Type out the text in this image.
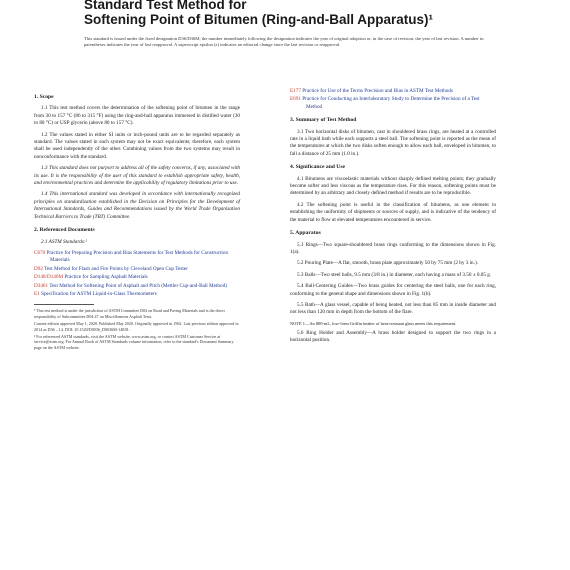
Standard Test Method for
Softening Point of Bitumen (Ring-and-Ball Apparatus)¹
This standard is issued under the fixed designation D36/D36M; the number immediately following the designation indicates the year of original adoption or, in the case of revision, the year of last revision. A number in parentheses indicates the year of last reapproval. A superscript epsilon (ε) indicates an editorial change since the last revision or reapproval.
1. Scope

1.1 This test method covers the determination of the softening point of bitumen in the range from 30 to 157 °C (86 to 315 °F) using the ring-and-ball apparatus immersed in distilled water (30 to 80 °C) or USP glycerin (above 80 to 157 °C).

1.2 The values stated in either SI units or inch-pound units are to be regarded separately as standard. The values stated in each system may not be exact equivalents; therefore, each system shall be used independently of the other. Combining values from the two systems may result in nonconformance with the standard.

1.3 This standard does not purport to address all of the safety concerns, if any, associated with its use. It is the responsibility of the user of this standard to establish appropriate safety, health, and environmental practices and determine the applicability of regulatory limitations prior to use.

1.4 This international standard was developed in accordance with internationally recognized principles on standardization established in the Decision on Principles for the Development of International Standards, Guides and Recommendations issued by the World Trade Organization Technical Barriers to Trade (TBT) Committee.

2. Referenced Documents

2.1 ASTM Standards:²

C670 Practice for Preparing Precision and Bias Statements for Test Methods for Construction Materials

D92 Test Method for Flash and Fire Points by Cleveland Open Cup Tester

D140/D140M Practice for Sampling Asphalt Materials

D3461 Test Method for Softening Point of Asphalt and Pitch (Mettler Cup-and-Ball Method)

E1 Specification for ASTM Liquid-in-Glass Thermometers

¹ This test method is under the jurisdiction of ASTM Committee D04 on Road and Paving Materials and is the direct responsibility of Subcommittee D04.47 on Miscellaneous Asphalt Tests.

Current edition approved May 1, 2020. Published May 2020. Originally approved in 1962. Last previous edition approved in 2014 as D36 – 14. DOI: 10.1520/D0036_D0036M-14E01.

² For referenced ASTM standards, visit the ASTM website, www.astm.org, or contact ASTM Customer Service at service@astm.org. For Annual Book of ASTM Standards volume information, refer to the standard's Document Summary page on the ASTM website.

E177 Practice for Use of the Terms Precision and Bias in ASTM Test Methods

E691 Practice for Conducting an Interlaboratory Study to Determine the Precision of a Test Method

3. Summary of Test Method

3.1 Two horizontal disks of bitumen, cast in shouldered brass rings, are heated at a controlled rate in a liquid bath while each supports a steel ball. The softening point is reported as the mean of the temperatures at which the two disks soften enough to allow each ball, enveloped in bitumen, to fall a distance of 25 mm (1.0 in.).

4. Significance and Use

4.1 Bitumens are viscoelastic materials without sharply defined melting points; they gradually become softer and less viscous as the temperature rises. For this reason, softening points must be determined by an arbitrary and closely defined method if results are to be reproducible.

4.2 The softening point is useful in the classification of bitumens, as one element in establishing the uniformity of shipments or sources of supply, and is indicative of the tendency of the material to flow at elevated temperatures encountered in service.

5. Apparatus

5.1 Rings—Two square-shouldered brass rings conforming to the dimensions shown in Fig. 1(a).

5.2 Pouring Plate—A flat, smooth, brass plate approximately 50 by 75 mm (2 by 3 in.).

5.3 Balls—Two steel balls, 9.5 mm (3/8 in.) in diameter, each having a mass of 3.50 ± 0.05 g.

5.4 Ball-Centering Guides—Two brass guides for centering the steel balls, one for each ring, conforming to the general shape and dimensions shown in Fig. 1(b).

5.5 Bath—A glass vessel, capable of being heated, not less than 85 mm in inside diameter and not less than 120 mm in depth from the bottom of the flare.

NOTE 1—An 800-mL, low-form Griffin beaker of heat-resistant glass meets this requirement.

5.6 Ring Holder and Assembly—A brass holder designed to support the two rings in a horizontal position.
